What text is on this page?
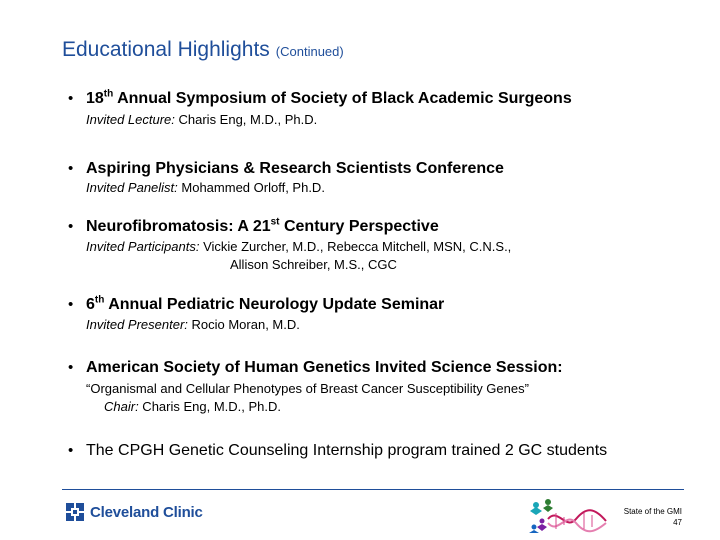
Educational Highlights (Continued)
• 18th Annual Symposium of Society of Black Academic Surgeons
Invited Lecture: Charis Eng, M.D., Ph.D.
• Aspiring Physicians & Research Scientists Conference
Invited Panelist: Mohammed Orloff, Ph.D.
• Neurofibromatosis: A 21st Century Perspective
Invited Participants: Vickie Zurcher, M.D., Rebecca Mitchell, MSN, C.N.S.,
Allison Schreiber, M.S., CGC
• 6th Annual Pediatric Neurology Update Seminar
Invited Presenter: Rocio Moran, M.D.
• American Society of Human Genetics Invited Science Session:
“Organismal and Cellular Phenotypes of Breast Cancer Susceptibility Genes”
Chair: Charis Eng, M.D., Ph.D.
• The CPGH Genetic Counseling Internship program trained 2 GC students
Cleveland Clinic	State of the GMI
47
